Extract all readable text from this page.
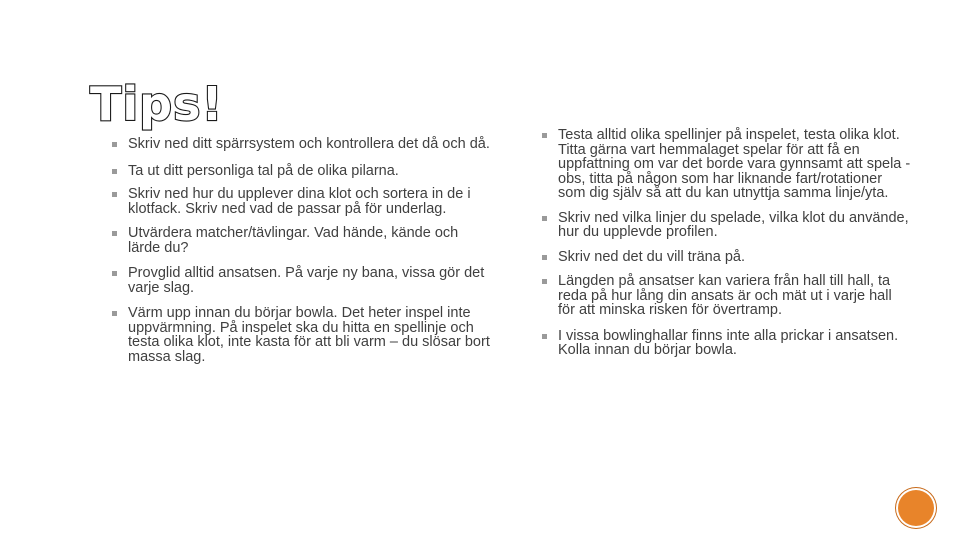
Tips!
Skriv ned ditt spärrsystem och kontrollera det då och då.
Ta ut ditt personliga tal på de olika pilarna.
Skriv ned hur du upplever dina klot och sortera in de i klotfack. Skriv ned vad de passar på för underlag.
Utvärdera matcher/tävlingar. Vad hände, kände och lärde du?
Provglid alltid ansatsen. På varje ny bana, vissa gör det varje slag.
Värm upp innan du börjar bowla. Det heter inspel inte uppvärmning. På inspelet ska du hitta en spellinje och testa olika klot, inte kasta för att bli varm – du slösar bort massa slag.
Testa alltid olika spellinjer på inspelet, testa olika klot. Titta gärna vart hemmalaget spelar för att få en uppfattning om var det borde vara gynnsamt att spela - obs, titta på någon som har liknande fart/rotationer som dig själv så att du kan utnyttja samma linje/yta.
Skriv ned vilka linjer du spelade, vilka klot du använde, hur du upplevde profilen.
Skriv ned det du vill träna på.
Längden på ansatser kan variera från hall till hall, ta reda på hur lång din ansats är och mät ut i varje hall för att minska risken för övertramp.
I vissa bowlinghallar finns inte alla prickar i ansatsen. Kolla innan du börjar bowla.
